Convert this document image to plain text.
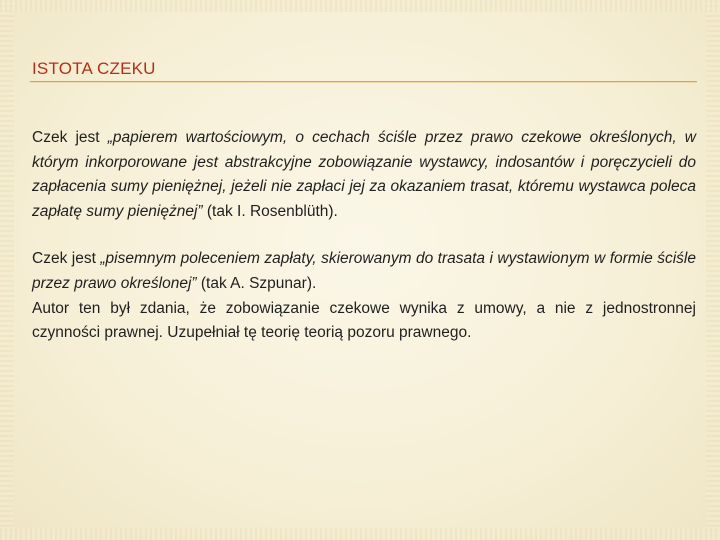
ISTOTA CZEKU

Czek jest „papierem wartościowym, o cechach ściśle przez prawo czekowe określonych, w którym inkorporowane jest abstrakcyjne zobowiązanie wystawcy, indosantów i poręczycieli do zapłacenia sumy pieniężnej, jeżeli nie zapłaci jej za okazaniem trasat, któremu wystawca poleca zapłatę sumy pieniężnej” (tak I. Rosenblüth).

Czek jest „pisemnym poleceniem zapłaty, skierowanym do trasata i wystawionym w formie ściśle przez prawo określonej” (tak A. Szpunar).

Autor ten był zdania, że zobowiązanie czekowe wynika z umowy, a nie z jednostronnej czynności prawnej. Uzupełniał tę teorię teorią pozoru prawnego.
